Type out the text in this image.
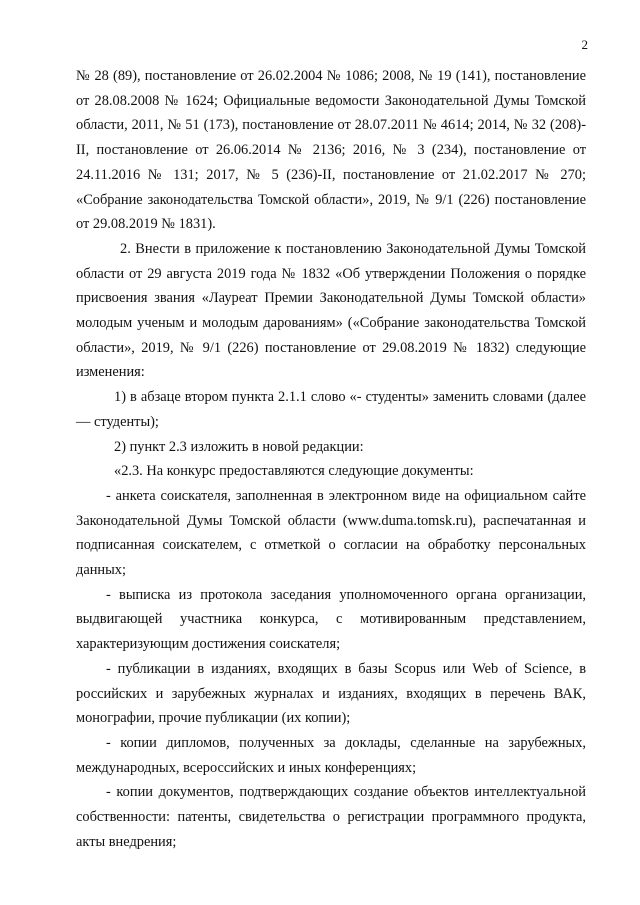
2

№ 28 (89), постановление от 26.02.2004 № 1086; 2008, № 19 (141), постановление от 28.08.2008 № 1624; Официальные ведомости Законодательной Думы Томской области, 2011, № 51 (173), постановление от 28.07.2011 № 4614; 2014, № 32 (208)-II, постановление от 26.06.2014 № 2136; 2016, № 3 (234), постановление от 24.11.2016 № 131; 2017, № 5 (236)-II, постановление от 21.02.2017 № 270; «Собрание законодательства Томской области», 2019, № 9/1 (226) постановление от 29.08.2019 № 1831).

2. Внести в приложение к постановлению Законодательной Думы Томской области от 29 августа 2019 года № 1832 «Об утверждении Положения о порядке присвоения звания «Лауреат Премии Законодательной Думы Томской области» молодым ученым и молодым дарованиям» («Собрание законодательства Томской области», 2019, № 9/1 (226) постановление от 29.08.2019 № 1832) следующие изменения:

1) в абзаце втором пункта 2.1.1 слово «- студенты» заменить словами (далее — студенты);

2) пункт 2.3 изложить в новой редакции:

«2.3. На конкурс предоставляются следующие документы:

- анкета соискателя, заполненная в электронном виде на официальном сайте Законодательной Думы Томской области (www.duma.tomsk.ru), распечатанная и подписанная соискателем, с отметкой о согласии на обработку персональных данных;

- выписка из протокола заседания уполномоченного органа организации, выдвигающей участника конкурса, с мотивированным представлением, характеризующим достижения соискателя;

- публикации в изданиях, входящих в базы Scopus или Web of Science, в российских и зарубежных журналах и изданиях, входящих в перечень ВАК, монографии, прочие публикации (их копии);

- копии дипломов, полученных за доклады, сделанные на зарубежных, международных, всероссийских и иных конференциях;

- копии документов, подтверждающих создание объектов интеллектуальной собственности: патенты, свидетельства о регистрации программного продукта, акты внедрения;
